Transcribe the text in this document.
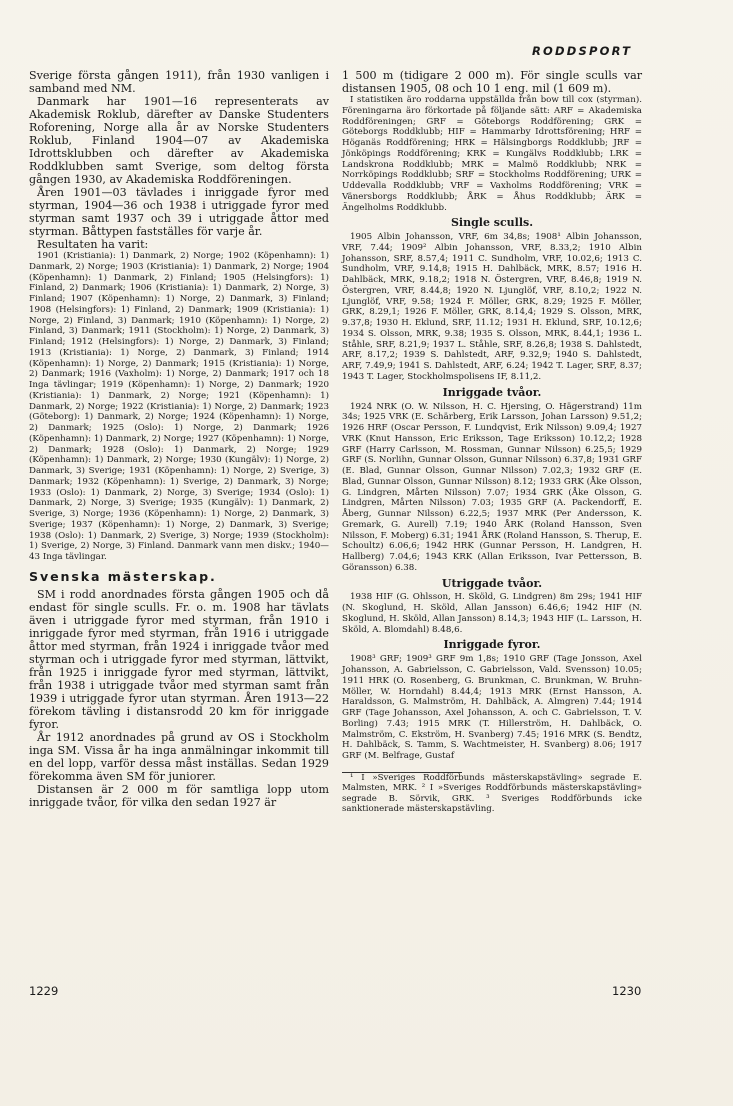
RODDSPORT

Sverige första gången 1911), från 1930 vanligen i samband med NM.

Danmark har 1901—16 representerats av Akademisk Roklub, därefter av Danske Studenters Roforening, Norge alla år av Norske Studenters Roklub, Finland 1904—07 av Akademiska Idrottsklubben och därefter av Akademiska Roddklubben samt Sverige, som deltog första gången 1930, av Akademiska Roddföreningen.

Åren 1901—03 tävlades i inriggade fyror med styrman, 1904—36 och 1938 i utriggade fyror med styrman samt 1937 och 39 i utriggade åttor med styrman. Båttypen fastställes för varje år.

Resultaten ha varit:

1901 (Kristiania): 1) Danmark, 2) Norge; 1902 (Köpenhamn): 1) Danmark, 2) Norge; 1903 (Kristiania): 1) Danmark, 2) Norge; 1904 (Köpenhamn): 1) Danmark, 2) Finland; 1905 (Helsingfors): 1) Finland, 2) Danmark; 1906 (Kristiania): 1) Danmark, 2) Norge, 3) Finland; 1907 (Köpenhamn): 1) Norge, 2) Danmark, 3) Finland; 1908 (Helsingfors): 1) Finland, 2) Danmark; 1909 (Kristiania): 1) Norge, 2) Finland, 3) Danmark; 1910 (Köpenhamn): 1) Norge, 2) Finland, 3) Danmark; 1911 (Stockholm): 1) Norge, 2) Danmark, 3) Finland; 1912 (Helsingfors): 1) Norge, 2) Danmark, 3) Finland; 1913 (Kristiania): 1) Norge, 2) Danmark, 3) Finland; 1914 (Köpenhamn): 1) Norge, 2) Danmark; 1915 (Kristiania): 1) Norge, 2) Danmark; 1916 (Vaxholm): 1) Norge, 2) Danmark; 1917 och 18 Inga tävlingar; 1919 (Köpenhamn): 1) Norge, 2) Danmark; 1920 (Kristiania): 1) Danmark, 2) Norge; 1921 (Köpenhamn): 1) Danmark, 2) Norge; 1922 (Kristiania): 1) Norge, 2) Danmark; 1923 (Göteborg): 1) Danmark, 2) Norge; 1924 (Köpenhamn): 1) Norge, 2) Danmark; 1925 (Oslo): 1) Norge, 2) Danmark; 1926 (Köpenhamn): 1) Danmark, 2) Norge; 1927 (Köpenhamn): 1) Norge, 2) Danmark; 1928 (Oslo): 1) Danmark, 2) Norge; 1929 (Köpenhamn): 1) Danmark, 2) Norge; 1930 (Kungälv): 1) Norge, 2) Danmark, 3) Sverige; 1931 (Köpenhamn): 1) Norge, 2) Sverige, 3) Danmark; 1932 (Köpenhamn): 1) Sverige, 2) Danmark, 3) Norge; 1933 (Oslo): 1) Danmark, 2) Norge, 3) Sverige; 1934 (Oslo): 1) Danmark, 2) Norge, 3) Sverige; 1935 (Kungälv): 1) Danmark, 2) Sverige, 3) Norge; 1936 (Köpenhamn): 1) Norge, 2) Danmark, 3) Sverige; 1937 (Köpenhamn): 1) Norge, 2) Danmark, 3) Sverige; 1938 (Oslo): 1) Danmark, 2) Sverige, 3) Norge; 1939 (Stockholm): 1) Sverige, 2) Norge, 3) Finland. Danmark vann men diskv.; 1940—43 Inga tävlingar.

Svenska mästerskap.

SM i rodd anordnades första gången 1905 och då endast för single sculls. Fr. o. m. 1908 har tävlats även i utriggade fyror med styrman, från 1910 i inriggade fyror med styrman, från 1916 i utriggade åttor med styrman, från 1924 i inriggade tvåor med styrman och i utriggade fyror med styrman, lättvikt, från 1925 i inriggade fyror med styrman, lättvikt, från 1938 i utriggade tvåor med styrman samt från 1939 i utriggade fyror utan styrman. Åren 1913—22 förekom tävling i distansrodd 20 km för inriggade fyror.

År 1912 anordnades på grund av OS i Stockholm inga SM. Vissa år ha inga anmälningar inkommit till en del lopp, varför dessa måst inställas. Sedan 1929 förekomma även SM för juniorer.

Distansen är 2 000 m för samtliga lopp utom inriggade tvåor, för vilka den sedan 1927 är

1 500 m (tidigare 2 000 m). För single sculls var distansen 1905, 08 och 10 1 eng. mil (1 609 m).

I statistiken äro roddarna uppställda från bow till cox (styrman). Föreningarna äro förkortade på följande sätt: ARF = Akademiska Roddföreningen; GRF = Göteborgs Roddförening; GRK = Göteborgs Roddklubb; HIF = Hammarby Idrottsförening; HRF = Höganäs Roddförening; HRK = Hälsingborgs Roddklubb; JRF = Jönköpings Roddförening; KRK = Kungälvs Roddklubb; LRK = Landskrona Roddklubb; MRK = Malmö Roddklubb; NRK = Norrköpings Roddklubb; SRF = Stockholms Roddförening; URK = Uddevalla Roddklubb; VRF = Vaxholms Roddförening; VRK = Vänersborgs Roddklubb; ÅRK = Åhus Roddklubb; ÄRK = Ängelholms Roddklubb.

Single sculls.

1905 Albin Johansson, VRF, 6m 34,8s; 1908¹ Albin Johansson, VRF, 7.44; 1909² Albin Johansson, VRF, 8.33,2; 1910 Albin Johansson, SRF, 8.57,4; 1911 C. Sundholm, VRF, 10.02,6; 1913 C. Sundholm, VRF, 9.14,8; 1915 H. Dahlbäck, MRK, 8.57; 1916 H. Dahlbäck, MRK, 9.18,2; 1918 N. Östergren, VRF, 8.46,8; 1919 N. Östergren, VRF, 8.44,8; 1920 N. Ljunglöf, VRF, 8.10,2; 1922 N. Ljunglöf, VRF, 9.58; 1924 F. Möller, GRK, 8.29; 1925 F. Möller, GRK, 8.29,1; 1926 F. Möller, GRK, 8.14,4; 1929 S. Olsson, MRK, 9.37,8; 1930 H. Eklund, SRF, 11.12; 1931 H. Eklund, SRF, 10.12,6; 1934 S. Olsson, MRK, 9.38; 1935 S. Olsson, MRK, 8.44,1; 1936 L. Ståhle, SRF, 8.21,9; 1937 L. Ståhle, SRF, 8.26,8; 1938 S. Dahlstedt, ARF, 8.17,2; 1939 S. Dahlstedt, ARF, 9.32,9; 1940 S. Dahlstedt, ARF, 7.49,9; 1941 S. Dahlstedt, ARF, 6.24; 1942 T. Lager, SRF, 8.37; 1943 T. Lager, Stockholmspolisens IF, 8.11,2.

Inriggade tvåor.

1924 NRK (O. W. Nilsson, H. C. Hjersing, O. Hägerstrand) 11m 34s; 1925 VRK (E. Schärberg, Erik Larsson, Johan Larsson) 9.51,2; 1926 HRF (Oscar Persson, F. Lundqvist, Erik Nilsson) 9.09,4; 1927 VRK (Knut Hansson, Eric Eriksson, Tage Eriksson) 10.12,2; 1928 GRF (Harry Carlsson, M. Rossman, Gunnar Nilsson) 6.25,5; 1929 GRF (S. Norlihn, Gunnar Olsson, Gunnar Nilsson) 6.37,8; 1931 GRF (E. Blad, Gunnar Olsson, Gunnar Nilsson) 7.02,3; 1932 GRF (E. Blad, Gunnar Olsson, Gunnar Nilsson) 8.12; 1933 GRK (Åke Olsson, G. Lindgren, Mårten Nilsson) 7.07; 1934 GRK (Åke Olsson, G. Lindgren, Mårten Nilsson) 7.03; 1935 GRF (A. Packendorff, E. Åberg, Gunnar Nilsson) 6.22,5; 1937 MRK (Per Andersson, K. Gremark, G. Aurell) 7.19; 1940 ÅRK (Roland Hansson, Sven Nilsson, F. Moberg) 6.31; 1941 ÅRK (Roland Hansson, S. Therup, E. Schoultz) 6.06,6; 1942 HRK (Gunnar Persson, H. Landgren, H. Hallberg) 7.04,6; 1943 KRK (Allan Eriksson, Ivar Pettersson, B. Göransson) 6.38.

Utriggade tvåor.

1938 HIF (G. Ohlsson, H. Sköld, G. Lindgren) 8m 29s; 1941 HIF (N. Skoglund, H. Sköld, Allan Jansson) 6.46,6; 1942 HIF (N. Skoglund, H. Sköld, Allan Jansson) 8.14,3; 1943 HIF (L. Larsson, H. Sköld, A. Blomdahl) 8.48,6.

Inriggade fyror.

1908³ GRF; 1909³ GRF 9m 1,8s; 1910 GRF (Tage Jonsson, Axel Johansson, A. Gabrielsson, C. Gabrielsson, Vald. Svensson) 10.05; 1911 HRK (O. Rosenberg, G. Brunkman, C. Brunkman, W. Bruhn-Möller, W. Horndahl) 8.44,4; 1913 MRK (Ernst Hansson, A. Haraldsson, G. Malmström, H. Dahlbäck, A. Almgren) 7.44; 1914 GRF (Tage Johansson, Axel Johansson, A. och C. Gabrielsson, T. V. Borling) 7.43; 1915 MRK (T. Hillerström, H. Dahlbäck, O. Malmström, C. Ekström, H. Svanberg) 7.45; 1916 MRK (S. Bendtz, H. Dahlbäck, S. Tamm, S. Wachtmeister, H. Svanberg) 8.06; 1917 GRF (M. Belfrage, Gustaf

¹ I »Sveriges Roddförbunds mästerskapstävling» segrade E. Malmsten, MRK. ² I »Sveriges Roddförbunds mästerskapstävling» segrade B. Sörvik, GRK. ³ Sveriges Roddförbunds icke sanktionerade mästerskapstävling.

1229	1230
